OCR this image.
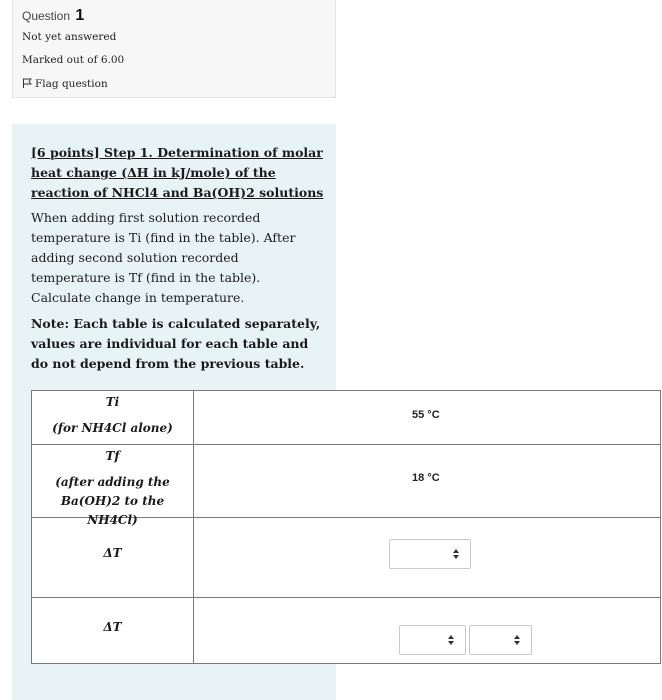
Question 1
Not yet answered
Marked out of 6.00
Flag question
[6 points] Step 1. Determination of molar heat change (ΔH in kJ/mole) of the reaction of NHCl4 and Ba(OH)2 solutions
When adding first solution recorded temperature is Ti (find in the table). After adding second solution recorded temperature is Tf (find in the table). Calculate change in temperature.
Note: Each table is calculated separately, values are individual for each table and do not depend from the previous table.
Ti
(for NH4Cl alone)
55 °C
Tf
(after adding the Ba(OH)2 to the NH4Cl)
18 °C
ΔT
ΔT
